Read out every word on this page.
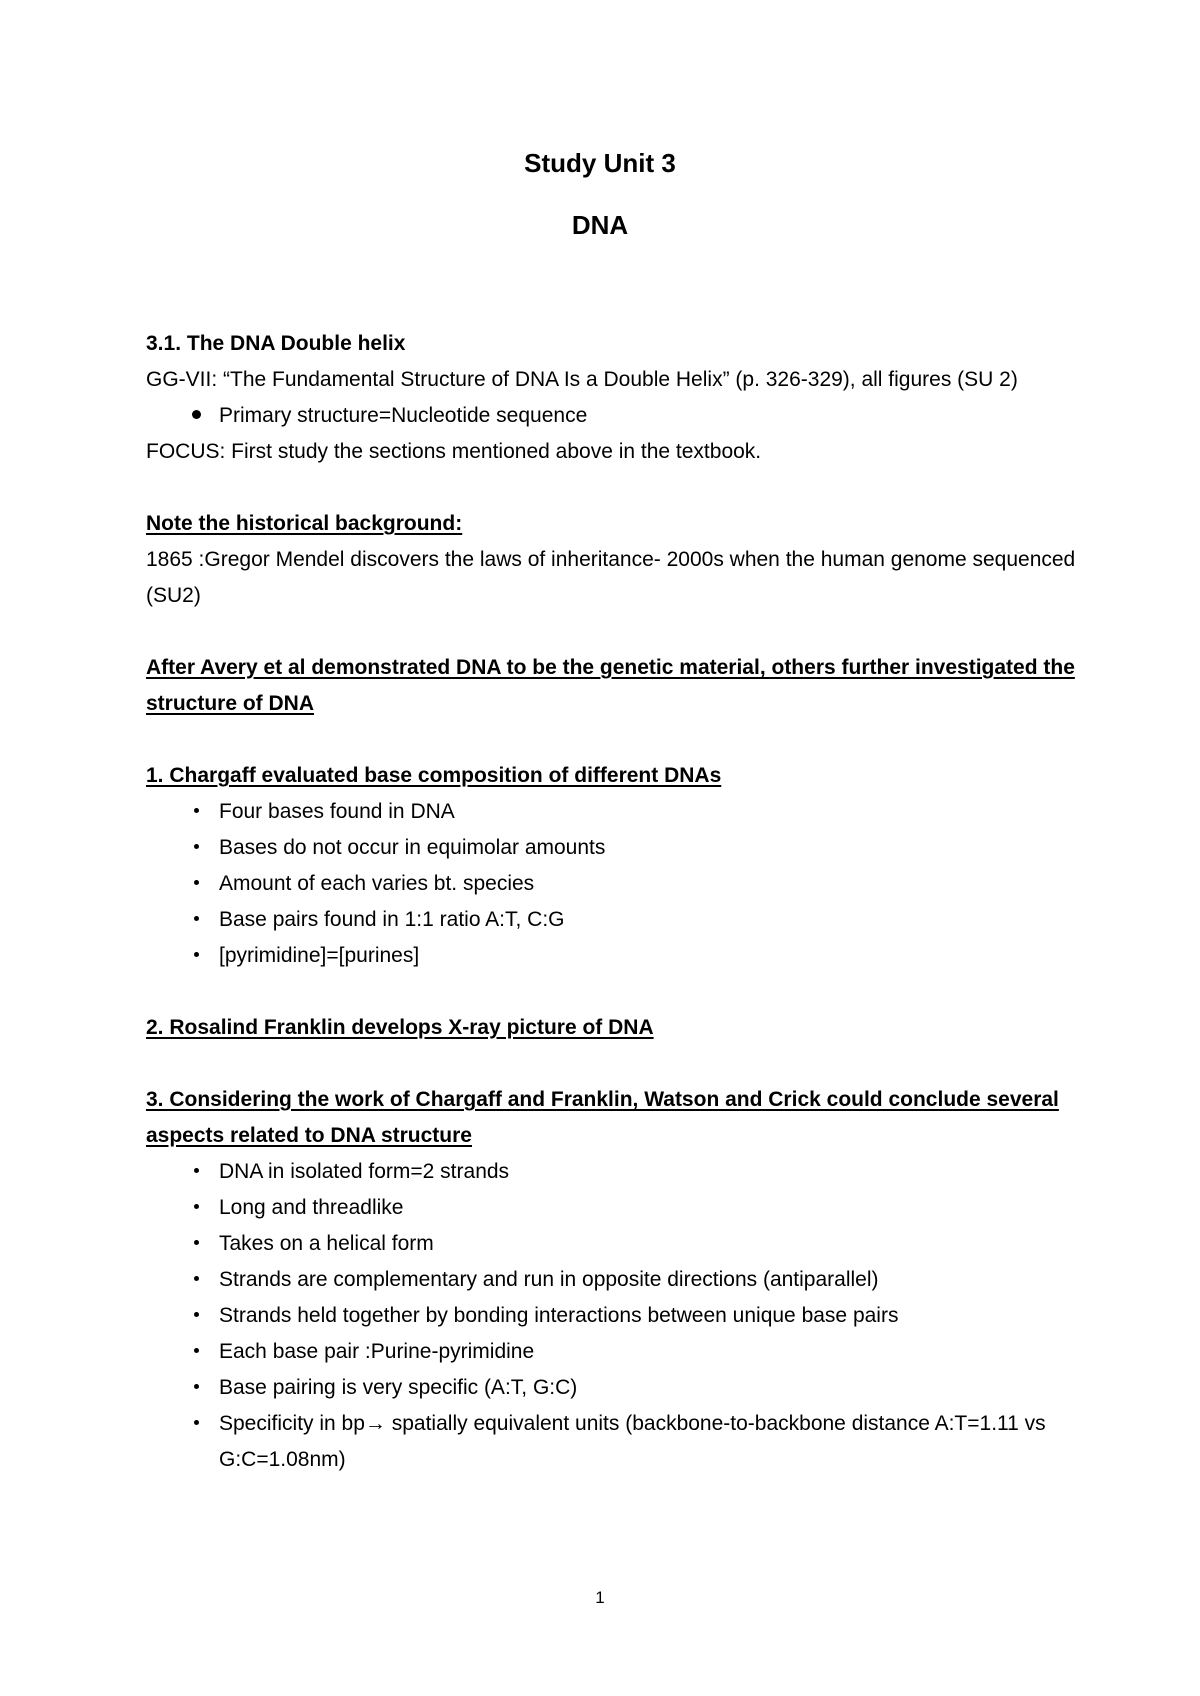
Study Unit 3
DNA
3.1. The DNA Double helix
GG-VII: “The Fundamental Structure of DNA Is a Double Helix” (p. 326-329), all figures (SU 2)
Primary structure=Nucleotide sequence
FOCUS: First study the sections mentioned above in the textbook.
Note the historical background:
1865 :Gregor Mendel discovers the laws of inheritance- 2000s when the human genome sequenced (SU2)
After Avery et al demonstrated DNA to be the genetic material, others further investigated the structure of DNA
1. Chargaff evaluated base composition of different DNAs
Four bases found in DNA
Bases do not occur in equimolar amounts
Amount of each varies bt. species
Base pairs found in 1:1 ratio A:T, C:G
[pyrimidine]=[purines]
2. Rosalind Franklin develops X-ray picture of DNA
3. Considering the work of Chargaff and Franklin, Watson and Crick could conclude several aspects related to DNA structure
DNA in isolated form=2 strands
Long and threadlike
Takes on a helical form
Strands are complementary and run in opposite directions (antiparallel)
Strands held together by bonding interactions between unique base pairs
Each base pair :Purine-pyrimidine
Base pairing is very specific (A:T, G:C)
Specificity in bp→ spatially equivalent units (backbone-to-backbone distance A:T=1.11 vs G:C=1.08nm)
1
